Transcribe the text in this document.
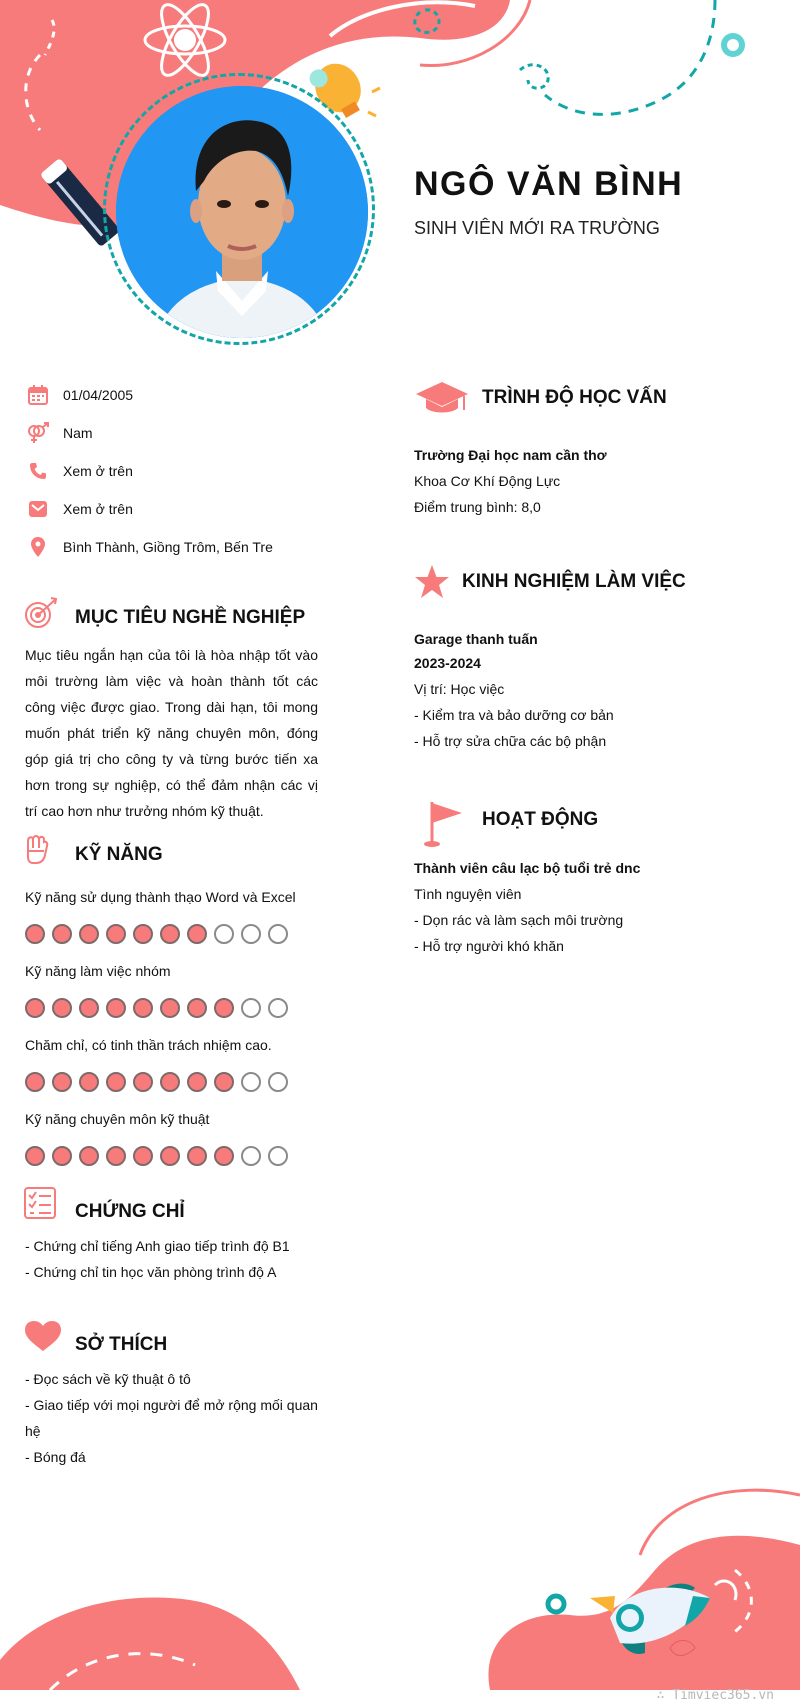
NGÔ VĂN BÌNH
SINH VIÊN MỚI RA TRƯỜNG
01/04/2005
Nam
Xem ở trên
Xem ở trên
Bình Thành, Giồng Trôm, Bến Tre
MỤC TIÊU NGHỀ NGHIỆP
Mục tiêu ngắn hạn của tôi là hòa nhập tốt vào môi trường làm việc và hoàn thành tốt các công việc được giao. Trong dài hạn, tôi mong muốn phát triển kỹ năng chuyên môn, đóng góp giá trị cho công ty và từng bước tiến xa hơn trong sự nghiệp, có thể đảm nhận các vị trí cao hơn như trưởng nhóm kỹ thuật.
KỸ NĂNG
Kỹ năng sử dụng thành thạo Word và Excel
Kỹ năng làm việc nhóm
Chăm chỉ, có tinh thần trách nhiệm cao.
Kỹ năng chuyên môn kỹ thuật
CHỨNG CHỈ
- Chứng chỉ tiếng Anh giao tiếp trình độ B1
- Chứng chỉ tin học văn phòng trình độ A
SỞ THÍCH
- Đọc sách về kỹ thuật ô tô
- Giao tiếp với mọi người để mở rộng mối quan hệ
- Bóng đá
TRÌNH ĐỘ HỌC VẤN
Trường Đại học nam cần thơ
Khoa Cơ Khí Động Lực
Điểm trung bình: 8,0
KINH NGHIỆM LÀM VIỆC
Garage thanh tuấn
2023-2024
Vị trí: Học việc
- Kiểm tra và bảo dưỡng cơ bản
- Hỗ trợ sửa chữa các bộ phận
HOẠT ĐỘNG
Thành viên câu lạc bộ tuổi trẻ dnc
Tình nguyện viên
- Dọn rác và làm sạch môi trường
- Hỗ trợ người khó khăn
∴ Timviec365.vn
